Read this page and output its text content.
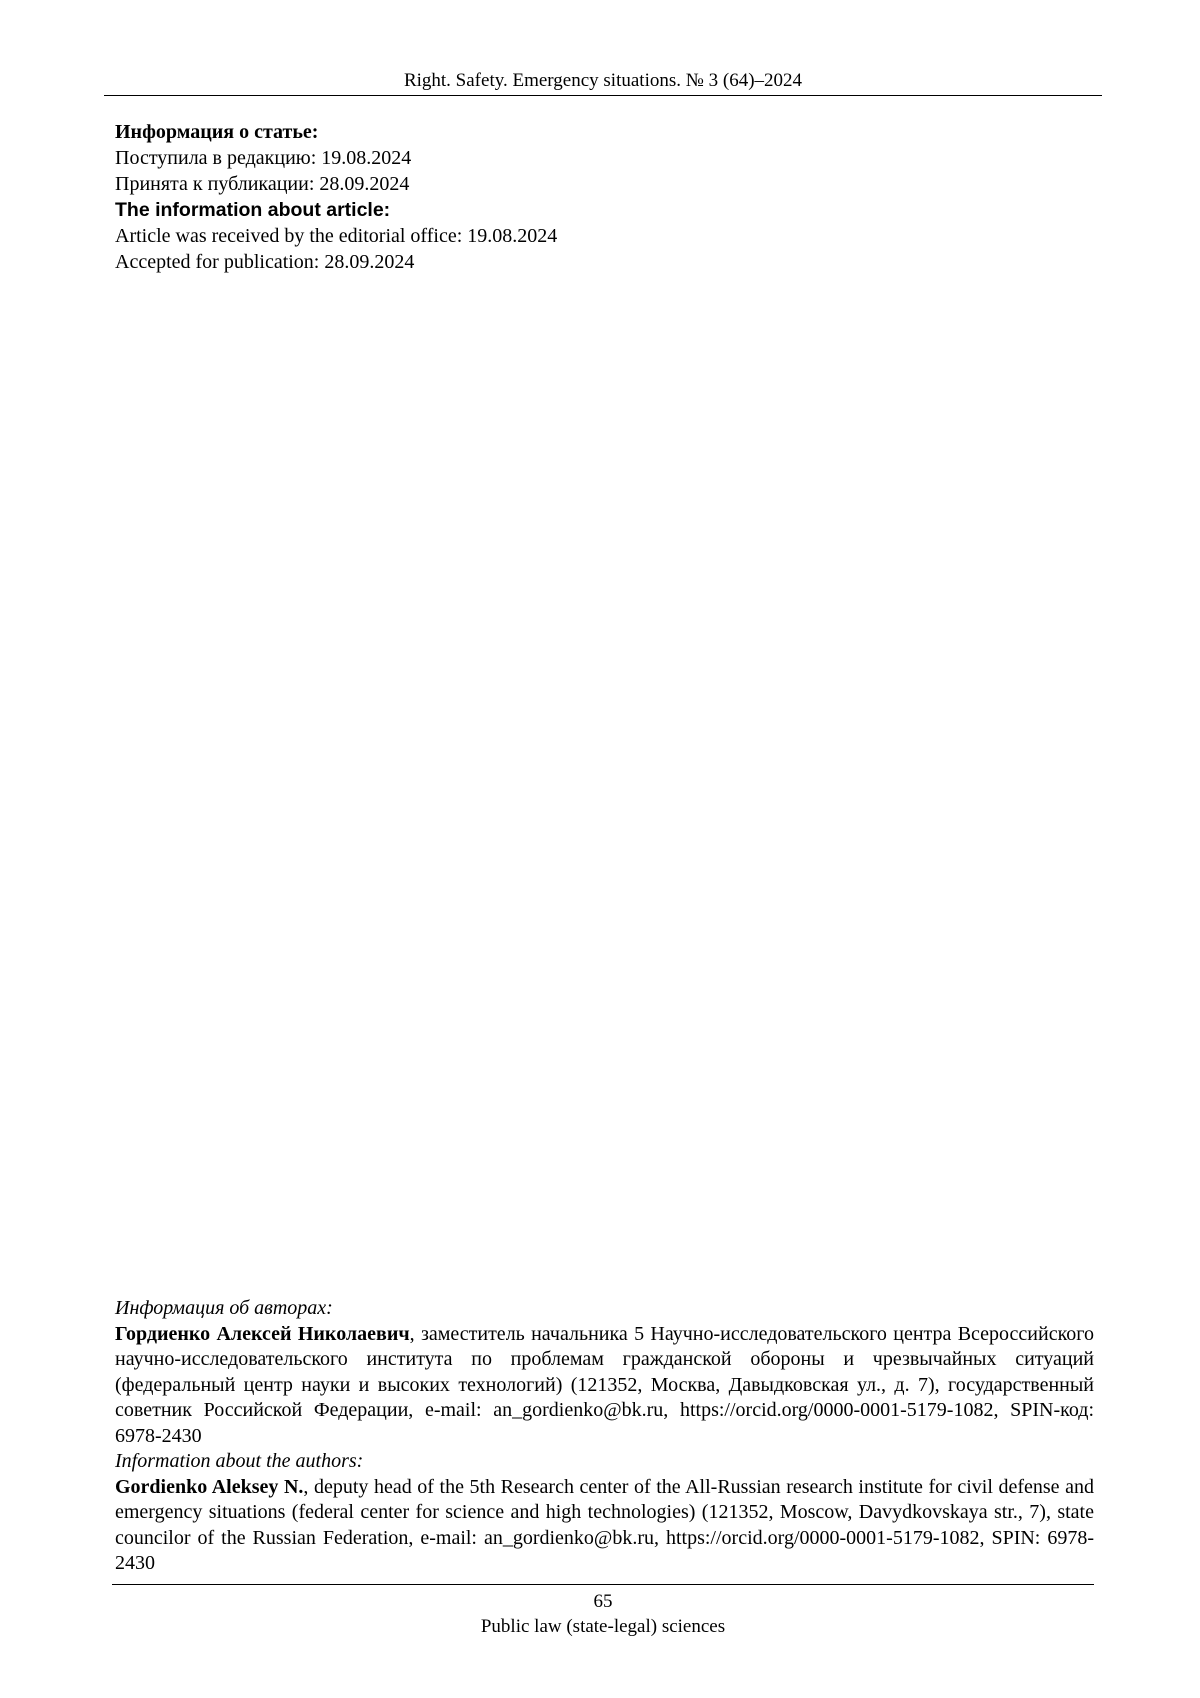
Right. Safety. Emergency situations. № 3 (64)–2024
Информация о статье:
Поступила в редакцию: 19.08.2024
Принята к публикации: 28.09.2024
The information about article:
Article was received by the editorial office: 19.08.2024
Accepted for publication: 28.09.2024

Информация об авторах:

Гордиенко Алексей Николаевич, заместитель начальника 5 Научно-исследовательского центра Всероссийского научно-исследовательского института по проблемам гражданской обороны и чрезвычайных ситуаций (федеральный центр науки и высоких технологий) (121352, Москва, Давыдковская ул., д. 7), государственный советник Российской Федерации, e-mail: an_gordienko@bk.ru, https://orcid.org/0000-0001-5179-1082, SPIN-код: 6978-2430

Information about the authors:

Gordienko Aleksey N., deputy head of the 5th Research center of the All-Russian research institute for civil defense and emergency situations (federal center for science and high technologies) (121352, Moscow, Davydkovskaya str., 7), state councilor of the Russian Federation, e-mail: an_gordienko@bk.ru, https://orcid.org/0000-0001-5179-1082, SPIN: 6978-2430

65
Public law (state-legal) sciences
